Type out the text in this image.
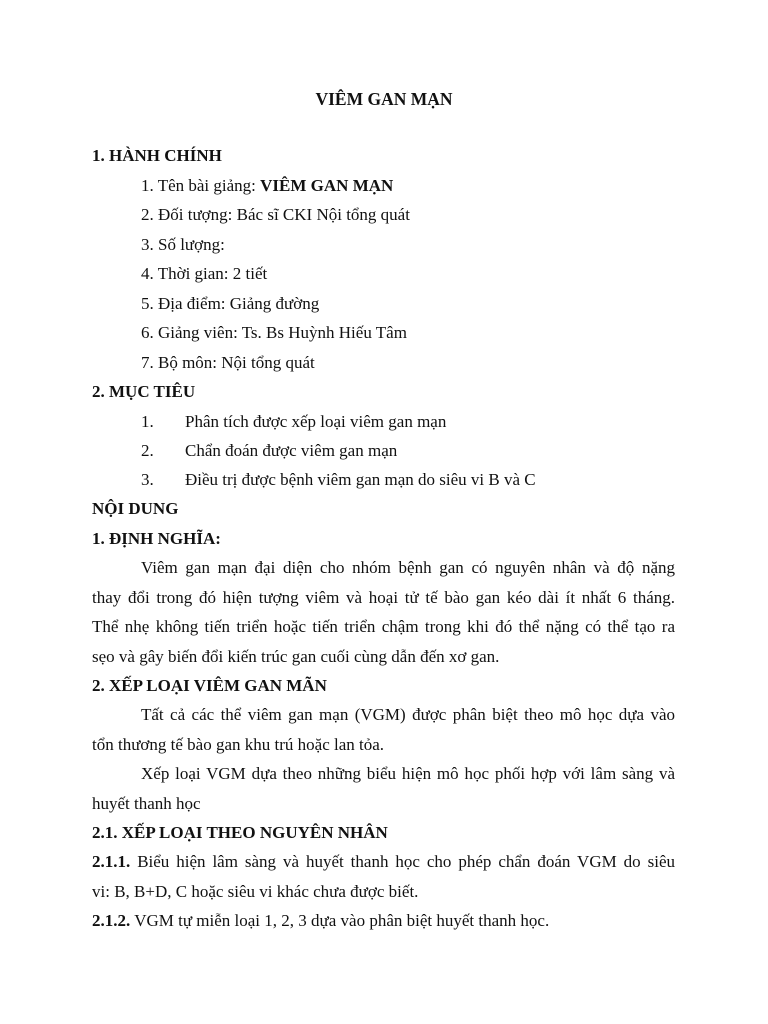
VIÊM GAN MẠN
1. HÀNH CHÍNH
1. Tên bài giảng: VIÊM GAN MẠN
2. Đối tượng: Bác sĩ CKI Nội tổng quát
3. Số lượng:
4. Thời gian: 2 tiết
5. Địa điểm: Giảng đường
6. Giảng viên: Ts. Bs Huỳnh Hiếu Tâm
7. Bộ môn: Nội tổng quát
2. MỤC TIÊU
1. Phân tích được xếp loại viêm gan mạn
2. Chẩn đoán được viêm gan mạn
3. Điều trị được bệnh viêm gan mạn do siêu vi B và C
NỘI DUNG
1. ĐỊNH NGHĨA:
Viêm gan mạn đại diện cho nhóm bệnh gan có nguyên nhân và độ nặng
thay đổi trong đó hiện tượng viêm và hoại tử tế bào gan kéo dài ít nhất 6 tháng.
Thể nhẹ không tiến triển hoặc tiến triển chậm trong khi đó thể nặng có thể tạo ra
sẹo và gây biến đổi kiến trúc gan cuối cùng dẫn đến xơ gan.
2. XẾP LOẠI VIÊM GAN MÃN
Tất cả các thể viêm gan mạn (VGM) được phân biệt theo mô học dựa vào
tổn thương tế bào gan khu trú hoặc lan tỏa.
Xếp loại VGM dựa theo những biểu hiện mô học phối hợp với lâm sàng và
huyết thanh học
2.1. XẾP LOẠI THEO NGUYÊN NHÂN
2.1.1. Biểu hiện lâm sàng và huyết thanh học cho phép chẩn đoán VGM do siêu
vi: B, B+D, C hoặc siêu vi khác chưa được biết.
2.1.2. VGM tự miễn loại 1, 2, 3 dựa vào phân biệt huyết thanh học.
